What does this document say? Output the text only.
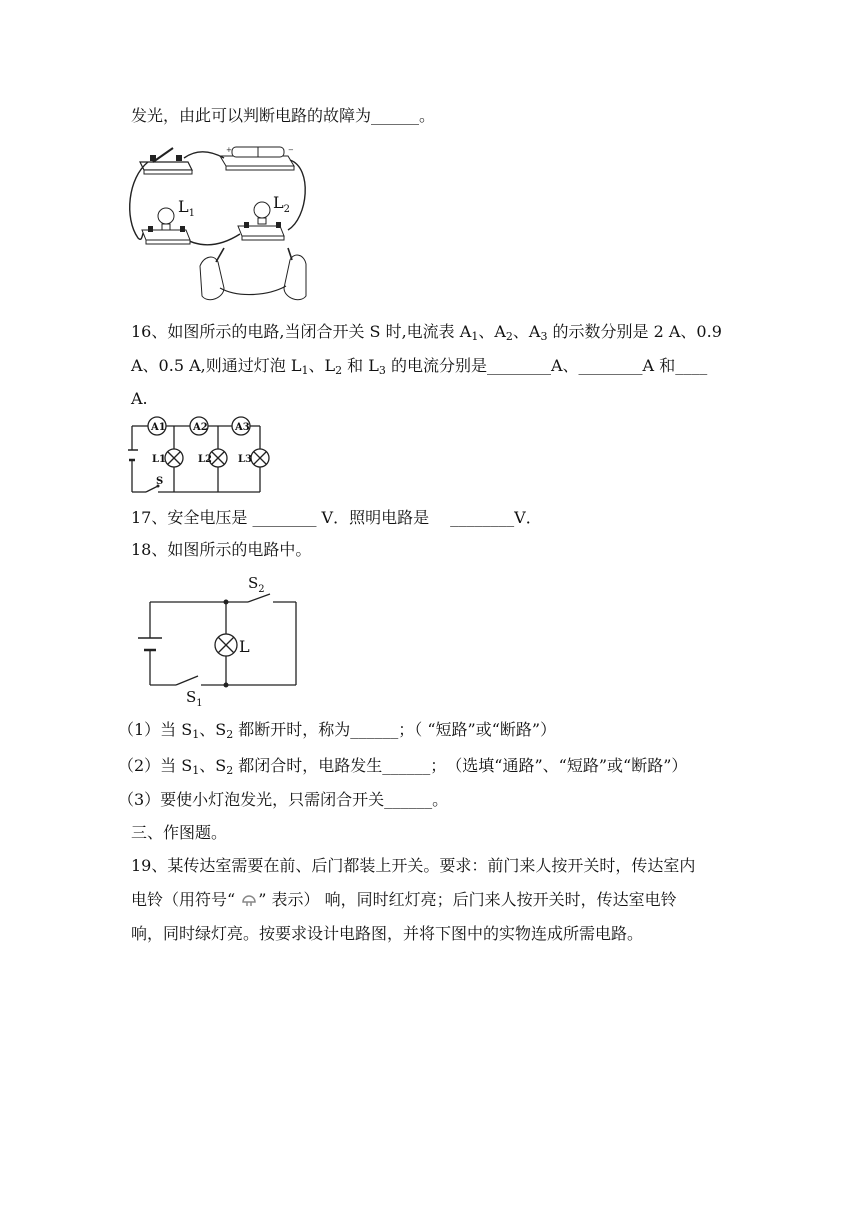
发光，由此可以判断电路的故障为______。
+	−
$L_1$
$L_2$
16、如图所示的电路,当闭合开关 S 时,电流表 $A_1$、$A_2$、$A_3$ 的示数分别是 2 A、0.9
A、0.5 A,则通过灯泡 $L_1$、$L_2$ 和 $L_3$ 的电流分别是________A、________A 和____
A.
A1	A2	A3
L1	L2	L3
S
17、安全电压是 ________ V．照明电路是　 ________V．
18、如图所示的电路中。
L
$S_2$
$S_1$
（1）当 $S_1$、$S_2$ 都断开时，称为______；（ “短路”或“断路”）
（2）当 $S_1$、$S_2$ 都闭合时，电路发生______；　（选填“通路”、“短路”或“断路”）
（3）要使小灯泡发光，只需闭合开关______。
三、作图题。
19、某传达室需要在前、后门都装上开关。要求：前门来人按开关时，传达室内
电铃（用符号“ ” 表示） 响，同时红灯亮；后门来人按开关时，传达室电铃
响，同时绿灯亮。按要求设计电路图，并将下图中的实物连成所需电路。
